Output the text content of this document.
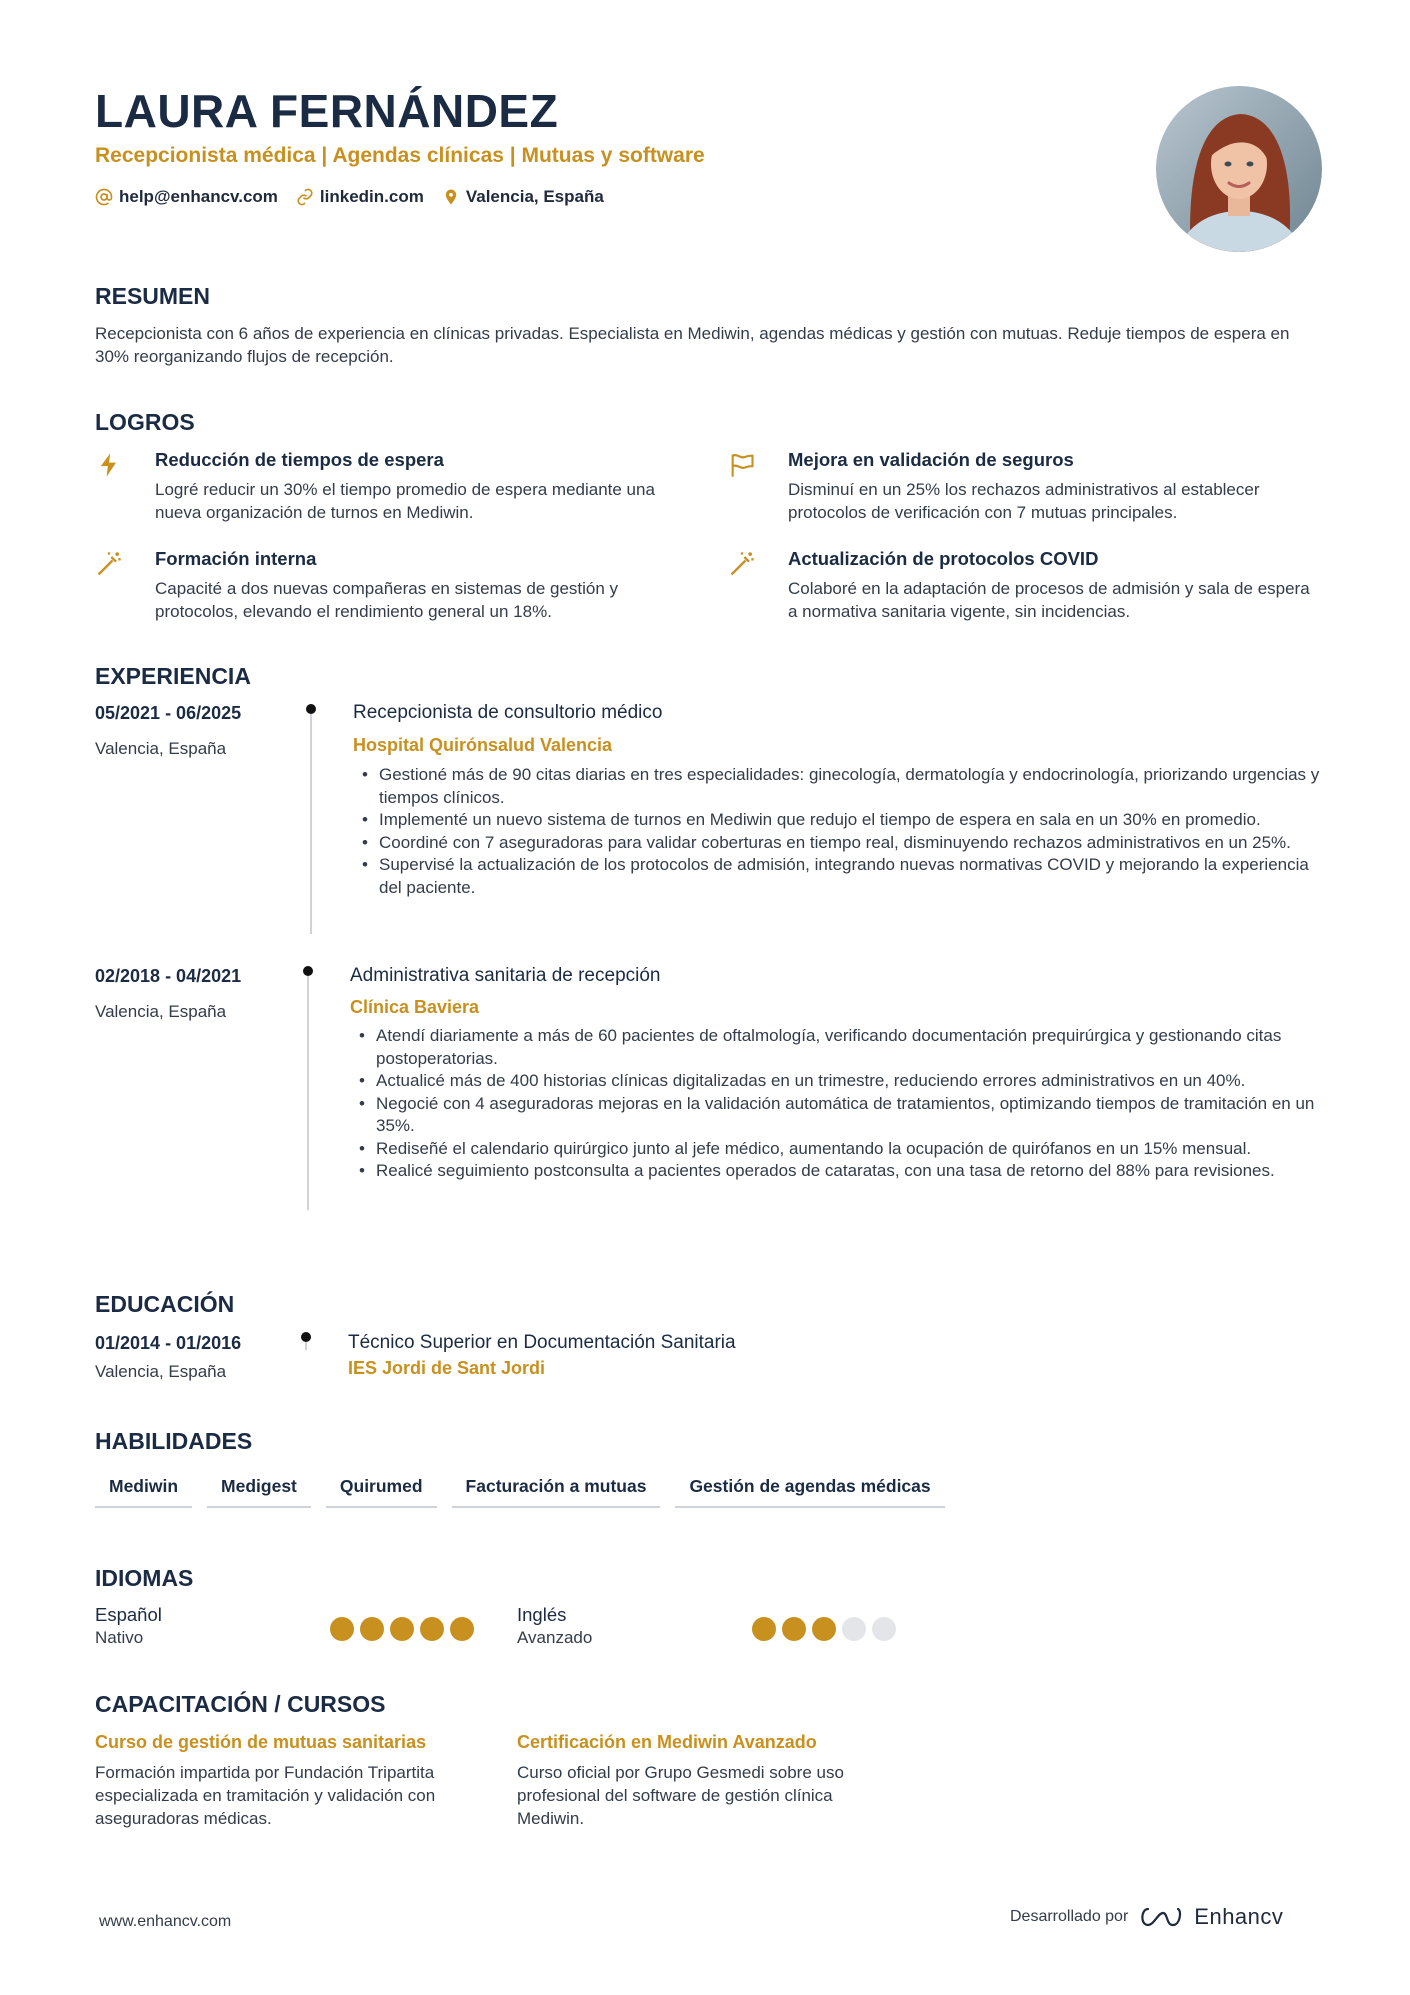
LAURA FERNÁNDEZ
Recepcionista médica | Agendas clínicas | Mutuas y software
help@enhancv.com linkedin.com Valencia, España
RESUMEN
Recepcionista con 6 años de experiencia en clínicas privadas. Especialista en Mediwin, agendas médicas y gestión con mutuas. Reduje tiempos de espera en 30% reorganizando flujos de recepción.
LOGROS
Reducción de tiempos de espera
Logré reducir un 30% el tiempo promedio de espera mediante una nueva organización de turnos en Mediwin.
Mejora en validación de seguros
Disminuí en un 25% los rechazos administrativos al establecer protocolos de verificación con 7 mutuas principales.
Formación interna
Capacité a dos nuevas compañeras en sistemas de gestión y protocolos, elevando el rendimiento general un 18%.
Actualización de protocolos COVID
Colaboré en la adaptación de procesos de admisión y sala de espera a normativa sanitaria vigente, sin incidencias.
EXPERIENCIA
05/2021 - 06/2025
Valencia, España
Recepcionista de consultorio médico
Hospital Quirónsalud Valencia
• Gestioné más de 90 citas diarias en tres especialidades: ginecología, dermatología y endocrinología, priorizando urgencias y tiempos clínicos.
• Implementé un nuevo sistema de turnos en Mediwin que redujo el tiempo de espera en sala en un 30% en promedio.
• Coordiné con 7 aseguradoras para validar coberturas en tiempo real, disminuyendo rechazos administrativos en un 25%.
• Supervisé la actualización de los protocolos de admisión, integrando nuevas normativas COVID y mejorando la experiencia del paciente.
02/2018 - 04/2021
Valencia, España
Administrativa sanitaria de recepción
Clínica Baviera
• Atendí diariamente a más de 60 pacientes de oftalmología, verificando documentación prequirúrgica y gestionando citas postoperatorias.
• Actualicé más de 400 historias clínicas digitalizadas en un trimestre, reduciendo errores administrativos en un 40%.
• Negocié con 4 aseguradoras mejoras en la validación automática de tratamientos, optimizando tiempos de tramitación en un 35%.
• Rediseñé el calendario quirúrgico junto al jefe médico, aumentando la ocupación de quirófanos en un 15% mensual.
• Realicé seguimiento postconsulta a pacientes operados de cataratas, con una tasa de retorno del 88% para revisiones.
EDUCACIÓN
01/2014 - 01/2016
Valencia, España
Técnico Superior en Documentación Sanitaria
IES Jordi de Sant Jordi
HABILIDADES
Mediwin	Medigest	Quirumed	Facturación a mutuas	Gestión de agendas médicas
IDIOMAS
Español
Nativo
Inglés
Avanzado
CAPACITACIÓN / CURSOS
Curso de gestión de mutuas sanitarias
Formación impartida por Fundación Tripartita especializada en tramitación y validación con aseguradoras médicas.
Certificación en Mediwin Avanzado
Curso oficial por Grupo Gesmedi sobre uso profesional del software de gestión clínica Mediwin.
www.enhancv.com	Desarrollado por	Enhancv
